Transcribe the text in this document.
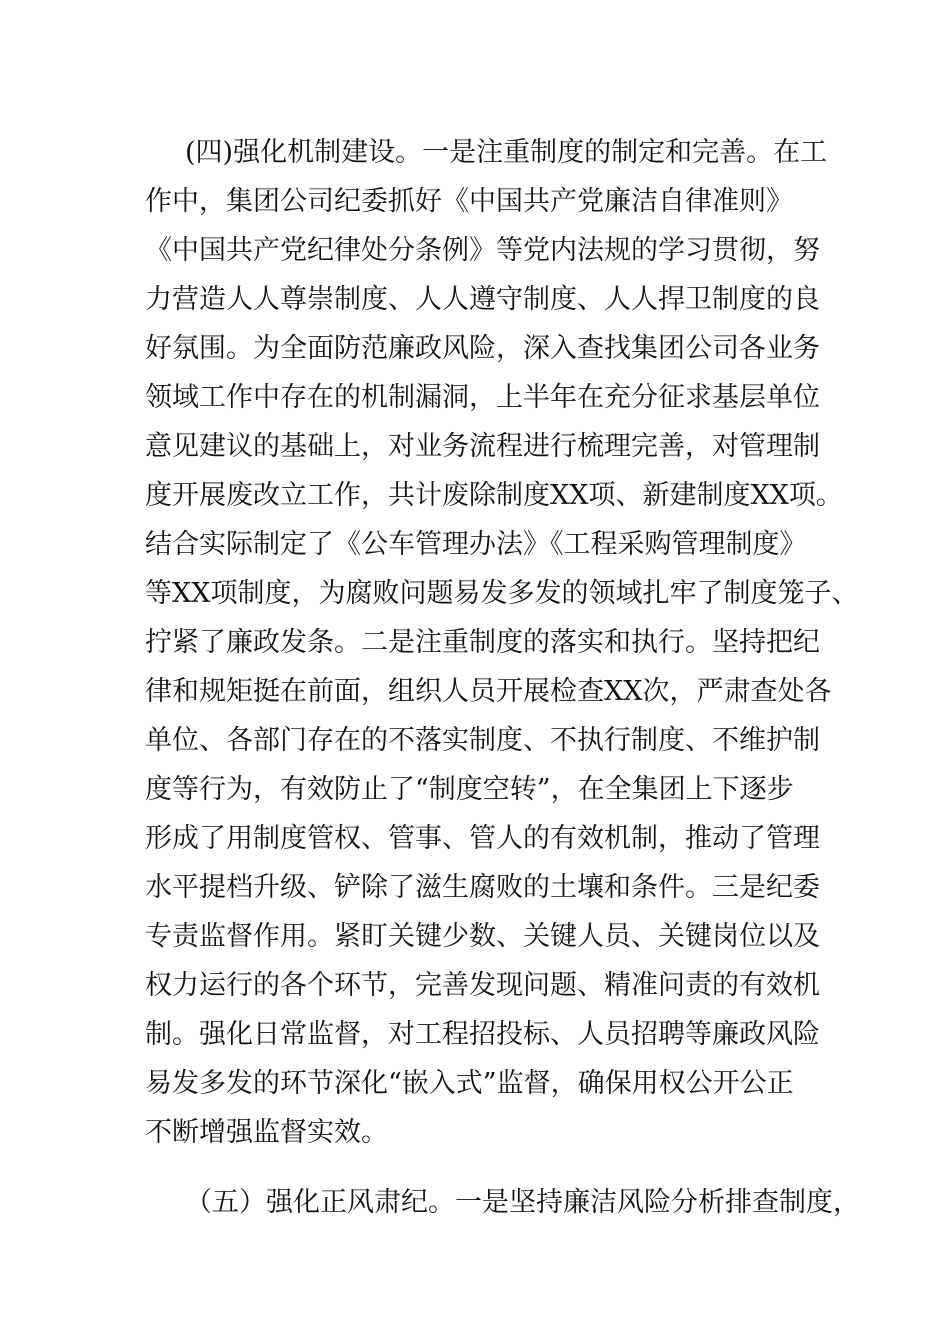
(四)强化机制建设。一是注重制度的制定和完善。在工
作中，集团公司纪委抓好《中国共产党廉洁自律准则》
《中国共产党纪律处分条例》等党内法规的学习贯彻，努
力营造人人尊崇制度、人人遵守制度、人人捍卫制度的良
好氛围。为全面防范廉政风险，深入查找集团公司各业务
领域工作中存在的机制漏洞，上半年在充分征求基层单位
意见建议的基础上，对业务流程进行梳理完善，对管理制
度开展废改立工作，共计废除制度XX项、新建制度XX项。
结合实际制定了《公车管理办法》《工程采购管理制度》
等XX项制度，为腐败问题易发多发的领域扎牢了制度笼子、
拧紧了廉政发条。二是注重制度的落实和执行。坚持把纪
律和规矩挺在前面，组织人员开展检查XX次，严肃查处各
单位、各部门存在的不落实制度、不执行制度、不维护制
度等行为，有效防止了“制度空转”，在全集团上下逐步
形成了用制度管权、管事、管人的有效机制，推动了管理
水平提档升级、铲除了滋生腐败的土壤和条件。三是纪委
专责监督作用。紧盯关键少数、关键人员、关键岗位以及
权力运行的各个环节，完善发现问题、精准问责的有效机
制。强化日常监督，对工程招投标、人员招聘等廉政风险
易发多发的环节深化“嵌入式”监督，确保用权公开公正
不断增强监督实效。
（五）强化正风肃纪。一是坚持廉洁风险分析排查制度，
